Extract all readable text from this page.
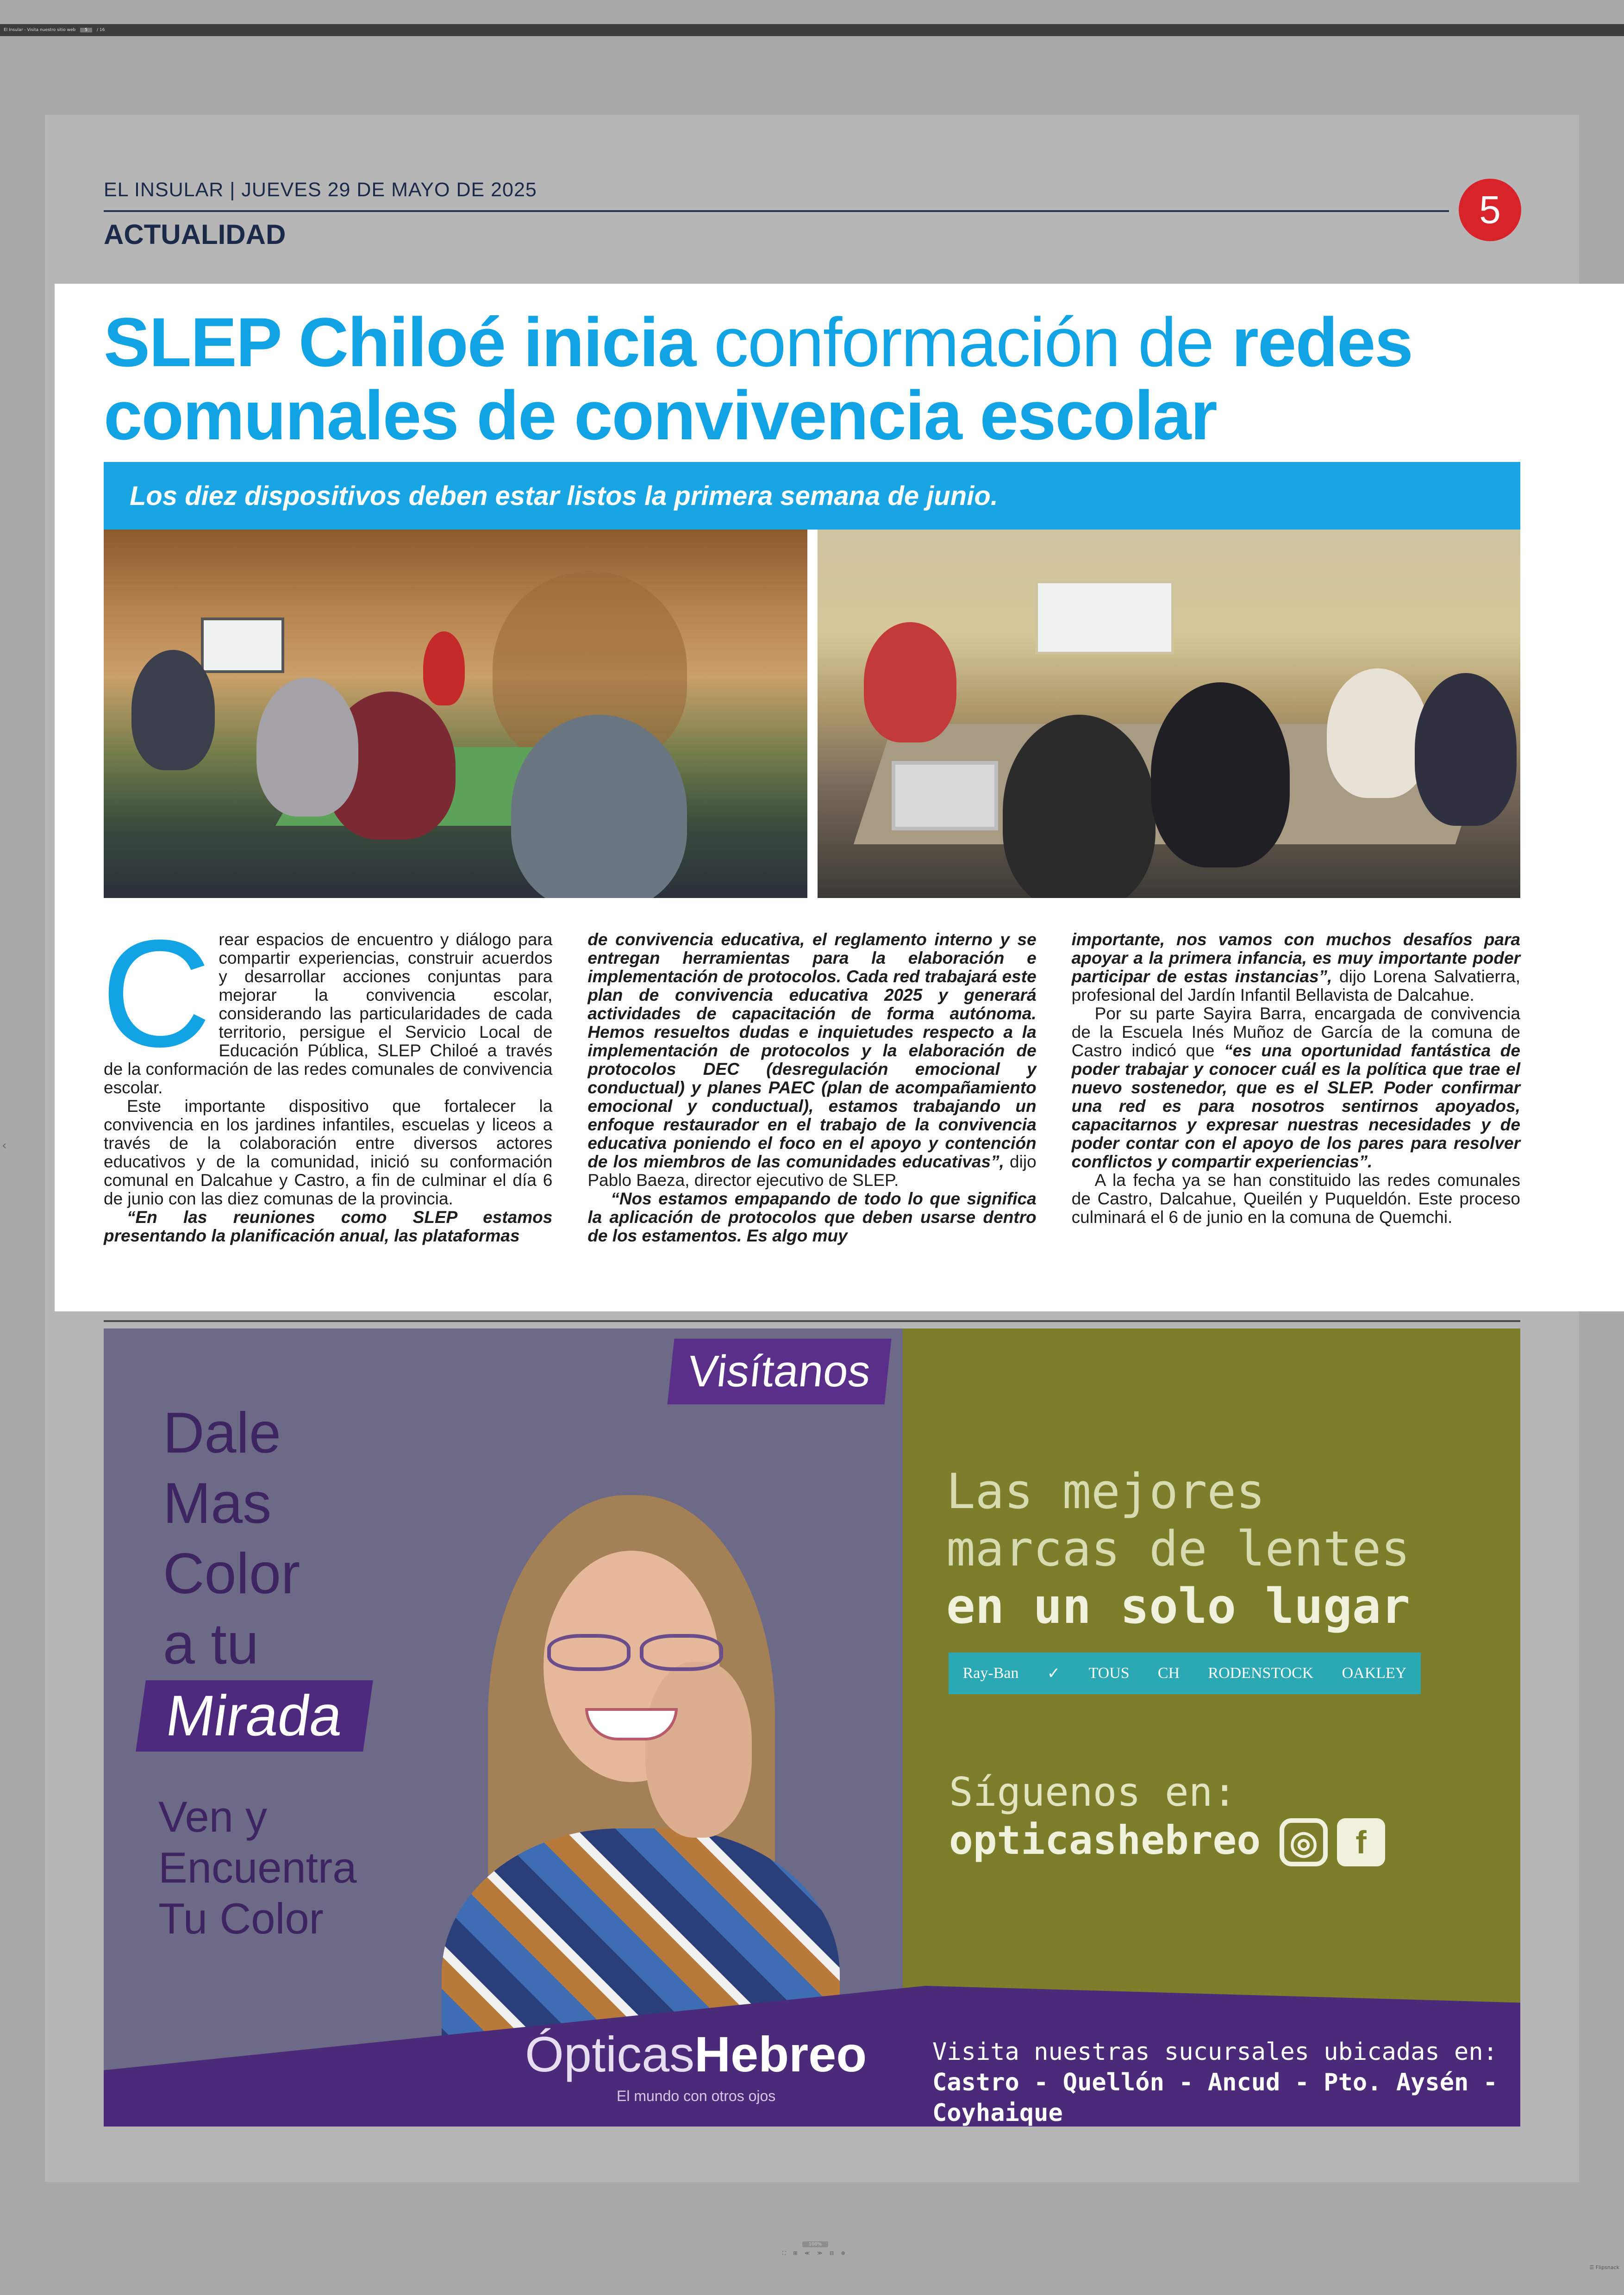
El Insular - Visita nuestro sitio web	5	/ 16
‹
EL INSULAR | JUEVES 29 DE MAYO DE 2025
ACTUALIDAD
5
SLEP Chiloé inicia conformación de redes comunales de convivencia escolar
Los diez dispositivos deben estar listos la primera semana de junio.
C rear espacios de encuentro y diálogo para compartir experiencias, construir acuerdos y desarrollar acciones conjuntas para mejorar la convivencia escolar, considerando las particularidades de cada territorio, persigue el Servicio Local de Educación Pública, SLEP Chiloé a través de la conformación de las redes comunales de convivencia escolar.

Este importante dispositivo que fortalecer la convivencia en los jardines infantiles, escuelas y liceos a través de la colaboración entre diversos actores educativos y de la comunidad, inició su conformación comunal en Dalcahue y Castro, a fin de culminar el día 6 de junio con las diez comunas de la provincia.

“En las reuniones como SLEP estamos presentando la planificación anual, las plataformas

de convivencia educativa, el reglamento interno y se entregan herramientas para la elaboración e implementación de protocolos. Cada red trabajará este plan de convivencia educativa 2025 y generará actividades de capacitación de forma autónoma. Hemos resueltos dudas e inquietudes respecto a la implementación de protocolos y la elaboración de protocolos DEC (desregulación emocional y conductual) y planes PAEC (plan de acompañamiento emocional y conductual), estamos trabajando un enfoque restaurador en el trabajo de la convivencia educativa poniendo el foco en el apoyo y contención de los miembros de las comunidades educativas”, dijo Pablo Baeza, director ejecutivo de SLEP.

“Nos estamos empapando de todo lo que significa la aplicación de protocolos que deben usarse dentro de los estamentos. Es algo muy

importante, nos vamos con muchos desafíos para apoyar a la primera infancia, es muy importante poder participar de estas instancias”, dijo Lorena Salvatierra, profesional del Jardín Infantil Bellavista de Dalcahue.

Por su parte Sayira Barra, encargada de convivencia de la Escuela Inés Muñoz de García de la comuna de Castro indicó que “es una oportunidad fantástica de poder trabajar y conocer cuál es la política que trae el nuevo sostenedor, que es el SLEP. Poder confirmar una red es para nosotros sentirnos apoyados, capacitarnos y expresar nuestras necesidades y de poder contar con el apoyo de los pares para resolver conflictos y compartir experiencias”.

A la fecha ya se han constituido las redes comunales de Castro, Dalcahue, Queilén y Puqueldón. Este proceso culminará el 6 de junio en la comuna de Quemchi.

Visítanos
Dale Mas Color a tu
Mirada
Ven y
Encuentra
Tu Color
Las mejores
marcas de lentes
en un solo lugar
Ray-Ban ✓ TOUS CH RODENSTOCK OAKLEY
Síguenos en:
opticashebreo ◎	f
ÓpticasHebreo
El mundo con otros ojos
Visita nuestras sucursales ubicadas en:
Castro - Quellón - Ancud - Pto. Aysén - Coyhaique
100%
⛶ ⊞ ≪ ≫ ⊟ ⊕
☰ Flipsnack
